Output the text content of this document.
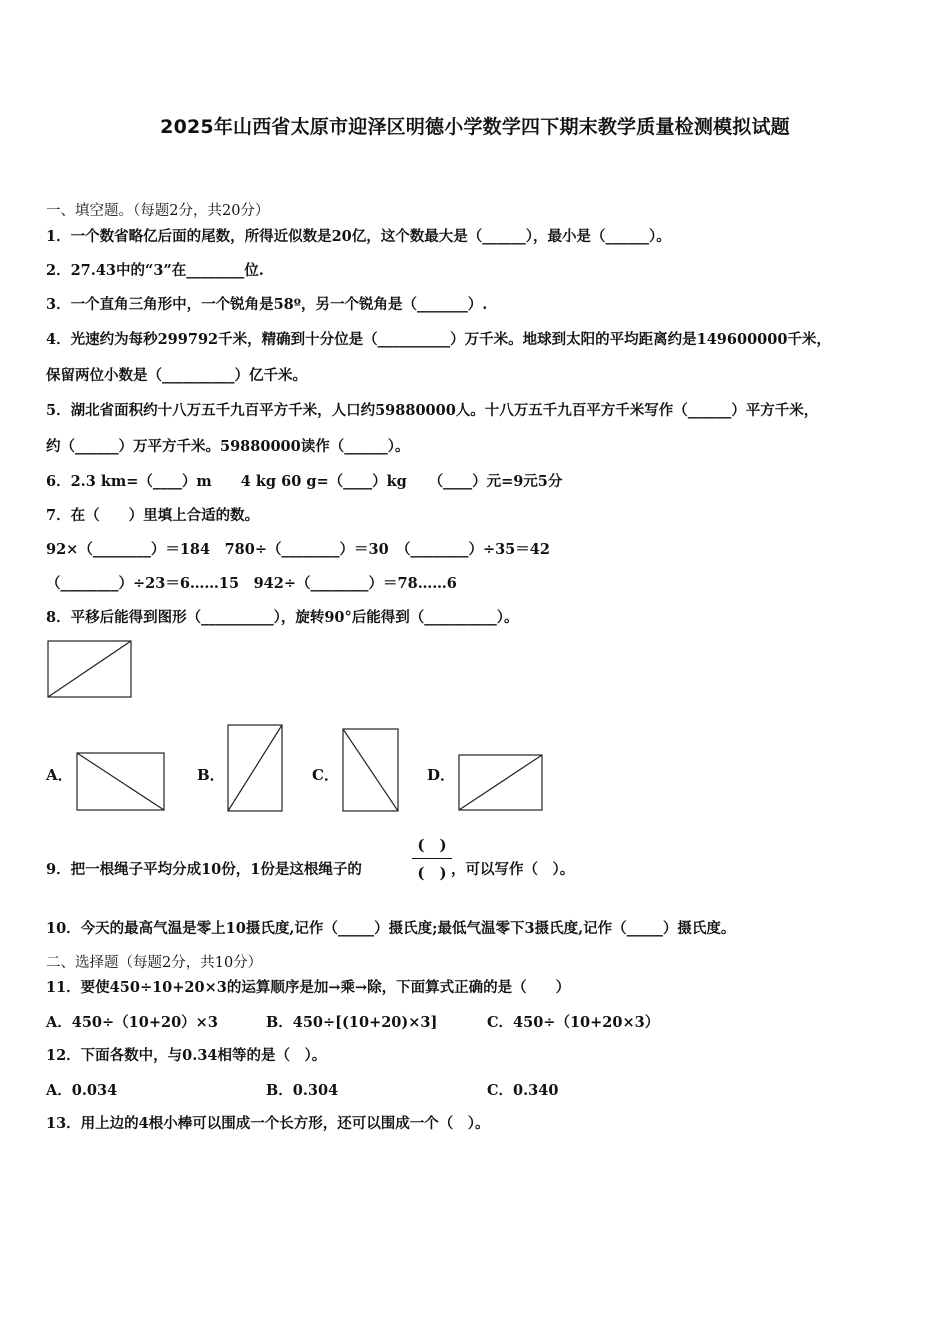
2025年山西省太原市迎泽区明德小学数学四下期末教学质量检测模拟试题
一、填空题。（每题2分，共20分）
1．一个数省略亿后面的尾数，所得近似数是20亿，这个数最大是（______），最小是（______）。
2．27.43中的“3”在________位.
3．一个直角三角形中，一个锐角是58º，另一个锐角是（_______）.
4．光速约为每秒299792千米，精确到十分位是（__________）万千米。地球到太阳的平均距离约是149600000千米，
保留两位小数是（__________）亿千米。
5．湖北省面积约十八万五千九百平方千米，人口约59880000人。十八万五千九百平方千米写作（______）平方千米，
约（______）万平方千米。59880000读作（______）。
6．2.3 km=（____）m　　4 kg 60 g=（____）kg　　（____）元=9元5分
7．在（　　）里填上合适的数。
92×（________）＝184　780÷（________）＝30　（________）÷35＝42
（________）÷23＝6……15　942÷（________）＝78……6
8．平移后能得到图形（__________），旋转90°后能得到（__________）。
A．	B．	C．	D．
9．把一根绳子平均分成10份，1份是这根绳子的
(　)
(　) ，可以写作（　）。
10．今天的最高气温是零上10摄氏度,记作（_____）摄氏度;最低气温零下3摄氏度,记作（_____）摄氏度。
二、选择题（每题2分，共10分）
11．要使450÷10+20×3的运算顺序是加→乘→除，下面算式正确的是（　　）
A．450÷（10+20）×3	B．450÷[(10+20)×3]	C．450÷（10+20×3）
12．下面各数中，与0.34相等的是（　）。
A．0.034	B．0.304	C．0.340
13．用上边的4根小棒可以围成一个长方形，还可以围成一个（　）。
